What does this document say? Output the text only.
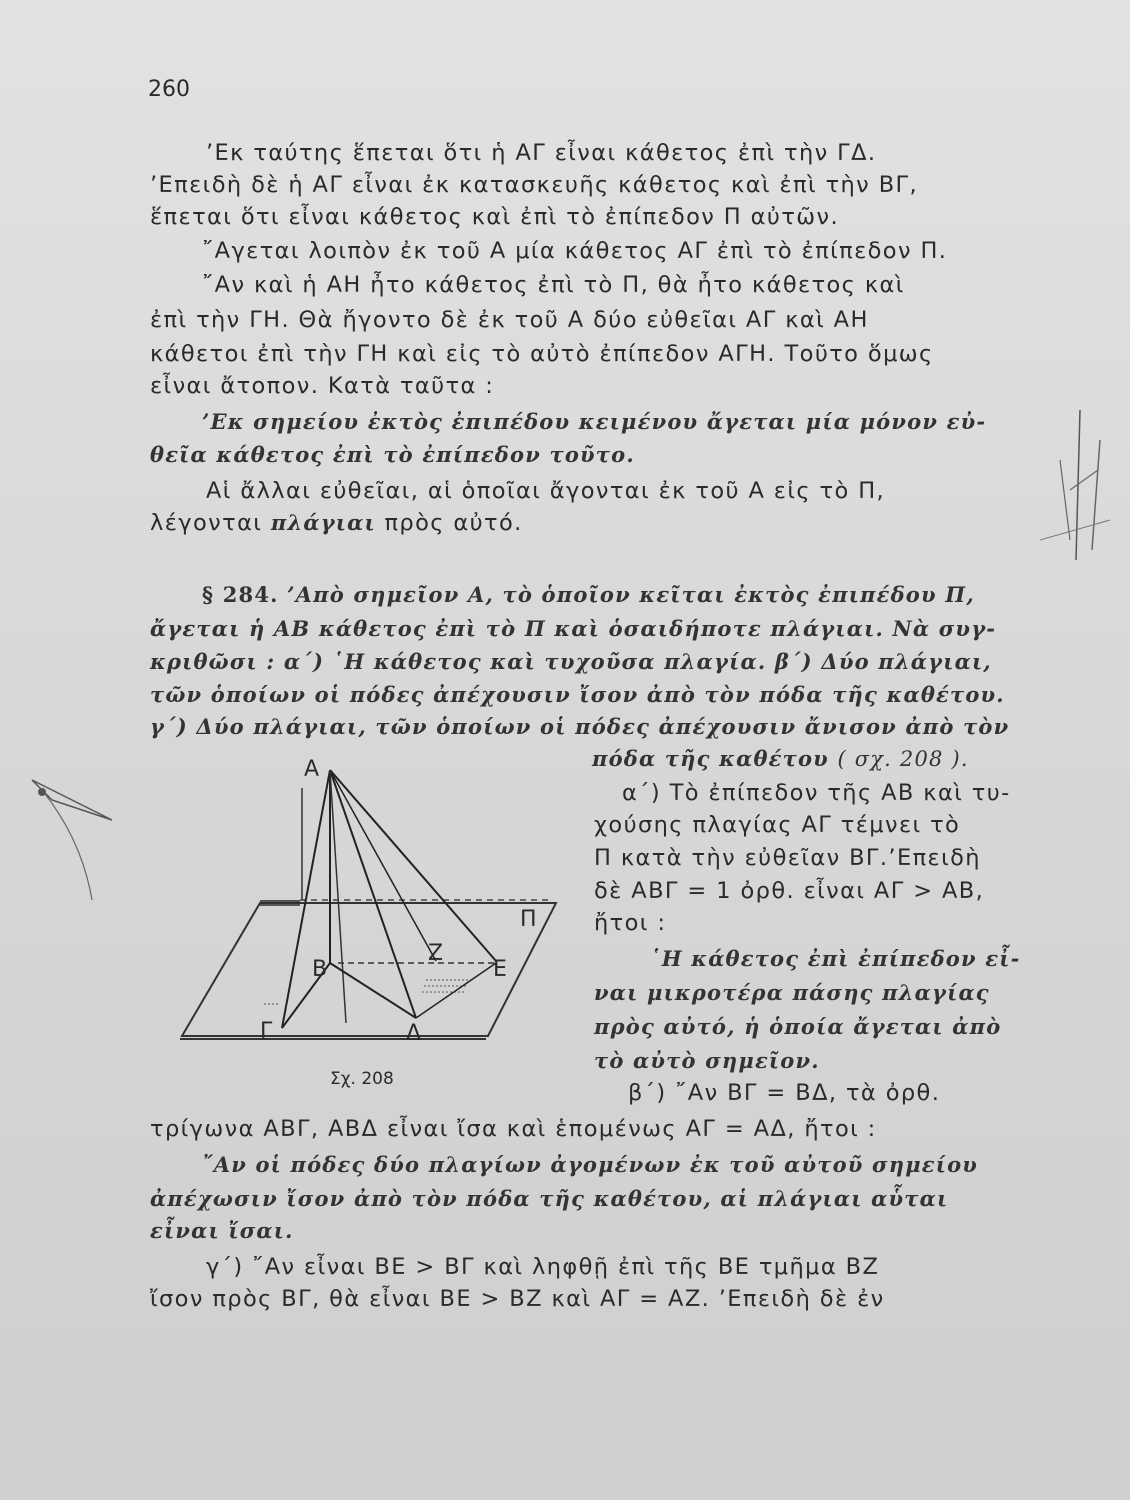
260
’Εκ ταύτης ἕπεται ὅτι ἡ ΑΓ εἶναι κάθετος ἐπὶ τὴν ΓΔ.
’Επειδὴ δὲ ἡ ΑΓ εἶναι ἐκ κατασκευῆς κάθετος καὶ ἐπὶ τὴν ΒΓ,
ἕπεται ὅτι εἶναι κάθετος καὶ ἐπὶ τὸ ἐπίπεδον Π αὐτῶν.
῎Αγεται λοιπὸν ἐκ τοῦ Α μία κάθετος ΑΓ ἐπὶ τὸ ἐπίπεδον Π.
῎Αν καὶ ἡ ΑΗ ἦτο κάθετος ἐπὶ τὸ Π, θὰ ἦτο κάθετος καὶ
ἐπὶ τὴν ΓΗ. Θὰ ἤγοντο δὲ ἐκ τοῦ Α δύο εὐθεῖαι ΑΓ καὶ ΑΗ
κάθετοι ἐπὶ τὴν ΓΗ καὶ εἰς τὸ αὐτὸ ἐπίπεδον ΑΓΗ. Τοῦτο ὅμως
εἶναι ἄτοπον. Κατὰ ταῦτα :
’Εκ σημείου ἐκτὸς ἐπιπέδου κειμένου ἄγεται μία μόνον εὐ-
θεῖα κάθετος ἐπὶ τὸ ἐπίπεδον τοῦτο.
Αἱ ἄλλαι εὐθεῖαι, αἱ ὁποῖαι ἄγονται ἐκ τοῦ Α εἰς τὸ Π,
λέγονται πλάγιαι πρὸς αὐτό.
§ 284. ’Απὸ σημεῖον Α, τὸ ὁποῖον κεῖται ἐκτὸς ἐπιπέδου Π,
ἄγεται ἡ ΑΒ κάθετος ἐπὶ τὸ Π καὶ ὁσαιδήποτε πλάγιαι. Νὰ συγ-
κριθῶσι : α΄) ῾Η κάθετος καὶ τυχοῦσα πλαγία. β΄) Δύο πλάγιαι,
τῶν ὁποίων οἱ πόδες ἀπέχουσιν ἴσον ἀπὸ τὸν πόδα τῆς καθέτου.
γ΄) Δύο πλάγιαι, τῶν ὁποίων οἱ πόδες ἀπέχουσιν ἄνισον ἀπὸ τὸν
πόδα τῆς καθέτου ( σχ. 208 ).
α΄) Τὸ ἐπίπεδον τῆς ΑΒ καὶ τυ-
χούσης πλαγίας ΑΓ τέμνει τὸ
Π κατὰ τὴν εὐθεῖαν ΒΓ.’Επειδὴ
δὲ ΑΒΓ = 1 ὀρθ. εἶναι ΑΓ > ΑΒ,
ἤτοι :
῾Η κάθετος ἐπὶ ἐπίπεδον εἶ-
ναι μικροτέρα πάσης πλαγίας
πρὸς αὐτό, ἡ ὁποία ἄγεται ἀπὸ
τὸ αὐτὸ σημεῖον.
β΄) ῎Αν ΒΓ = ΒΔ, τὰ ὀρθ.
τρίγωνα ΑΒΓ, ΑΒΔ εἶναι ἴσα καὶ ἑπομένως ΑΓ = ΑΔ, ἤτοι :
῎Αν οἱ πόδες δύο πλαγίων ἀγομένων ἐκ τοῦ αὐτοῦ σημείου
ἀπέχωσιν ἴσον ἀπὸ τὸν πόδα τῆς καθέτου, αἱ πλάγιαι αὗται
εἶναι ἴσαι.
γ΄) ῎Αν εἶναι ΒΕ > ΒΓ καὶ ληφθῇ ἐπὶ τῆς ΒΕ τμῆμα ΒΖ
ἴσον πρὸς ΒΓ, θὰ εἶναι ΒΕ > ΒΖ καὶ ΑΓ = ΑΖ. ’Επειδὴ δὲ ἐν
Α
Β
Γ	Δ
Ζ
Ε
Π
Σχ. 208
